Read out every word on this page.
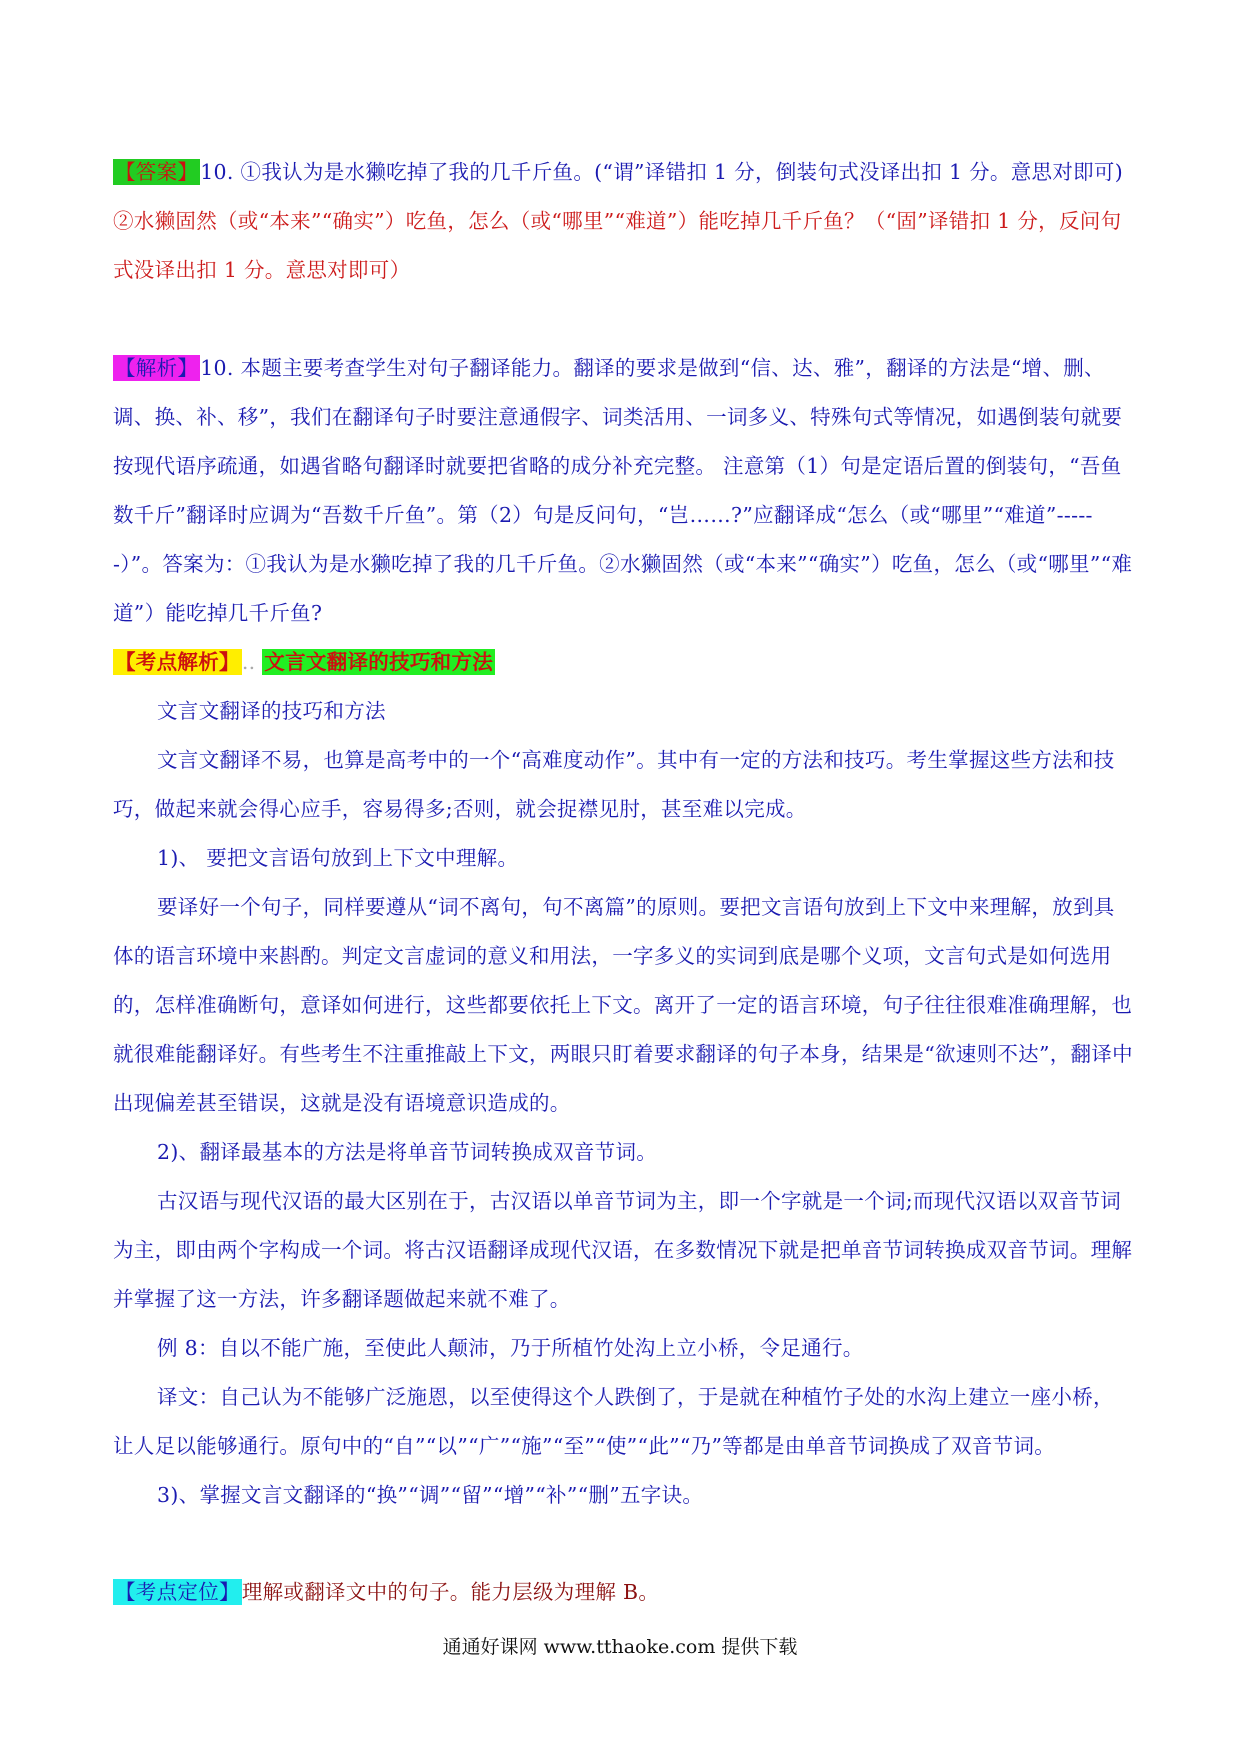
【答案】10. ①我认为是水獭吃掉了我的几千斤鱼。(“谓”译错扣 1 分，倒装句式没译出扣 1 分。意思对即可)

②水獭固然（或“本来”“确实”）吃鱼，怎么（或“哪里”“难道”）能吃掉几千斤鱼？（“固”译错扣 1 分，反问句式没译出扣 1 分。意思对即可）

【解析】10. 本题主要考查学生对句子翻译能力。翻译的要求是做到“信、达、雅”，翻译的方法是“增、删、调、换、补、移”，我们在翻译句子时要注意通假字、词类活用、一词多义、特殊句式等情况，如遇倒装句就要按现代语序疏通，如遇省略句翻译时就要把省略的成分补充完整。 注意第（1）句是定语后置的倒装句，“吾鱼数千斤”翻译时应调为“吾数千斤鱼”。第（2）句是反问句，“岂……?”应翻译成“怎么（或“哪里”“难道”------）”。答案为：①我认为是水獭吃掉了我的几千斤鱼。②水獭固然（或“本来”“确实”）吃鱼，怎么（或“哪里”“难道”）能吃掉几千斤鱼?

【考点解析】.. 文言文翻译的技巧和方法

文言文翻译的技巧和方法

文言文翻译不易，也算是高考中的一个“高难度动作”。其中有一定的方法和技巧。考生掌握这些方法和技巧，做起来就会得心应手，容易得多;否则，就会捉襟见肘，甚至难以完成。

1)、 要把文言语句放到上下文中理解。

要译好一个句子，同样要遵从“词不离句，句不离篇”的原则。要把文言语句放到上下文中来理解，放到具体的语言环境中来斟酌。判定文言虚词的意义和用法，一字多义的实词到底是哪个义项，文言句式是如何选用的，怎样准确断句，意译如何进行，这些都要依托上下文。离开了一定的语言环境，句子往往很难准确理解，也就很难能翻译好。有些考生不注重推敲上下文，两眼只盯着要求翻译的句子本身，结果是“欲速则不达”，翻译中出现偏差甚至错误，这就是没有语境意识造成的。

2)、翻译最基本的方法是将单音节词转换成双音节词。

古汉语与现代汉语的最大区别在于，古汉语以单音节词为主，即一个字就是一个词;而现代汉语以双音节词为主，即由两个字构成一个词。将古汉语翻译成现代汉语，在多数情况下就是把单音节词转换成双音节词。理解并掌握了这一方法，许多翻译题做起来就不难了。

例 8：自以不能广施，至使此人颠沛，乃于所植竹处沟上立小桥，令足通行。

译文：自己认为不能够广泛施恩，以至使得这个人跌倒了，于是就在种植竹子处的水沟上建立一座小桥，让人足以能够通行。原句中的“自”“以”“广”“施”“至”“使”“此”“乃”等都是由单音节词换成了双音节词。

3)、掌握文言文翻译的“换”“调”“留”“增”“补”“删”五字诀。

【考点定位】理解或翻译文中的句子。能力层级为理解 B。

通通好课网 www.tthaoke.com 提供下载
